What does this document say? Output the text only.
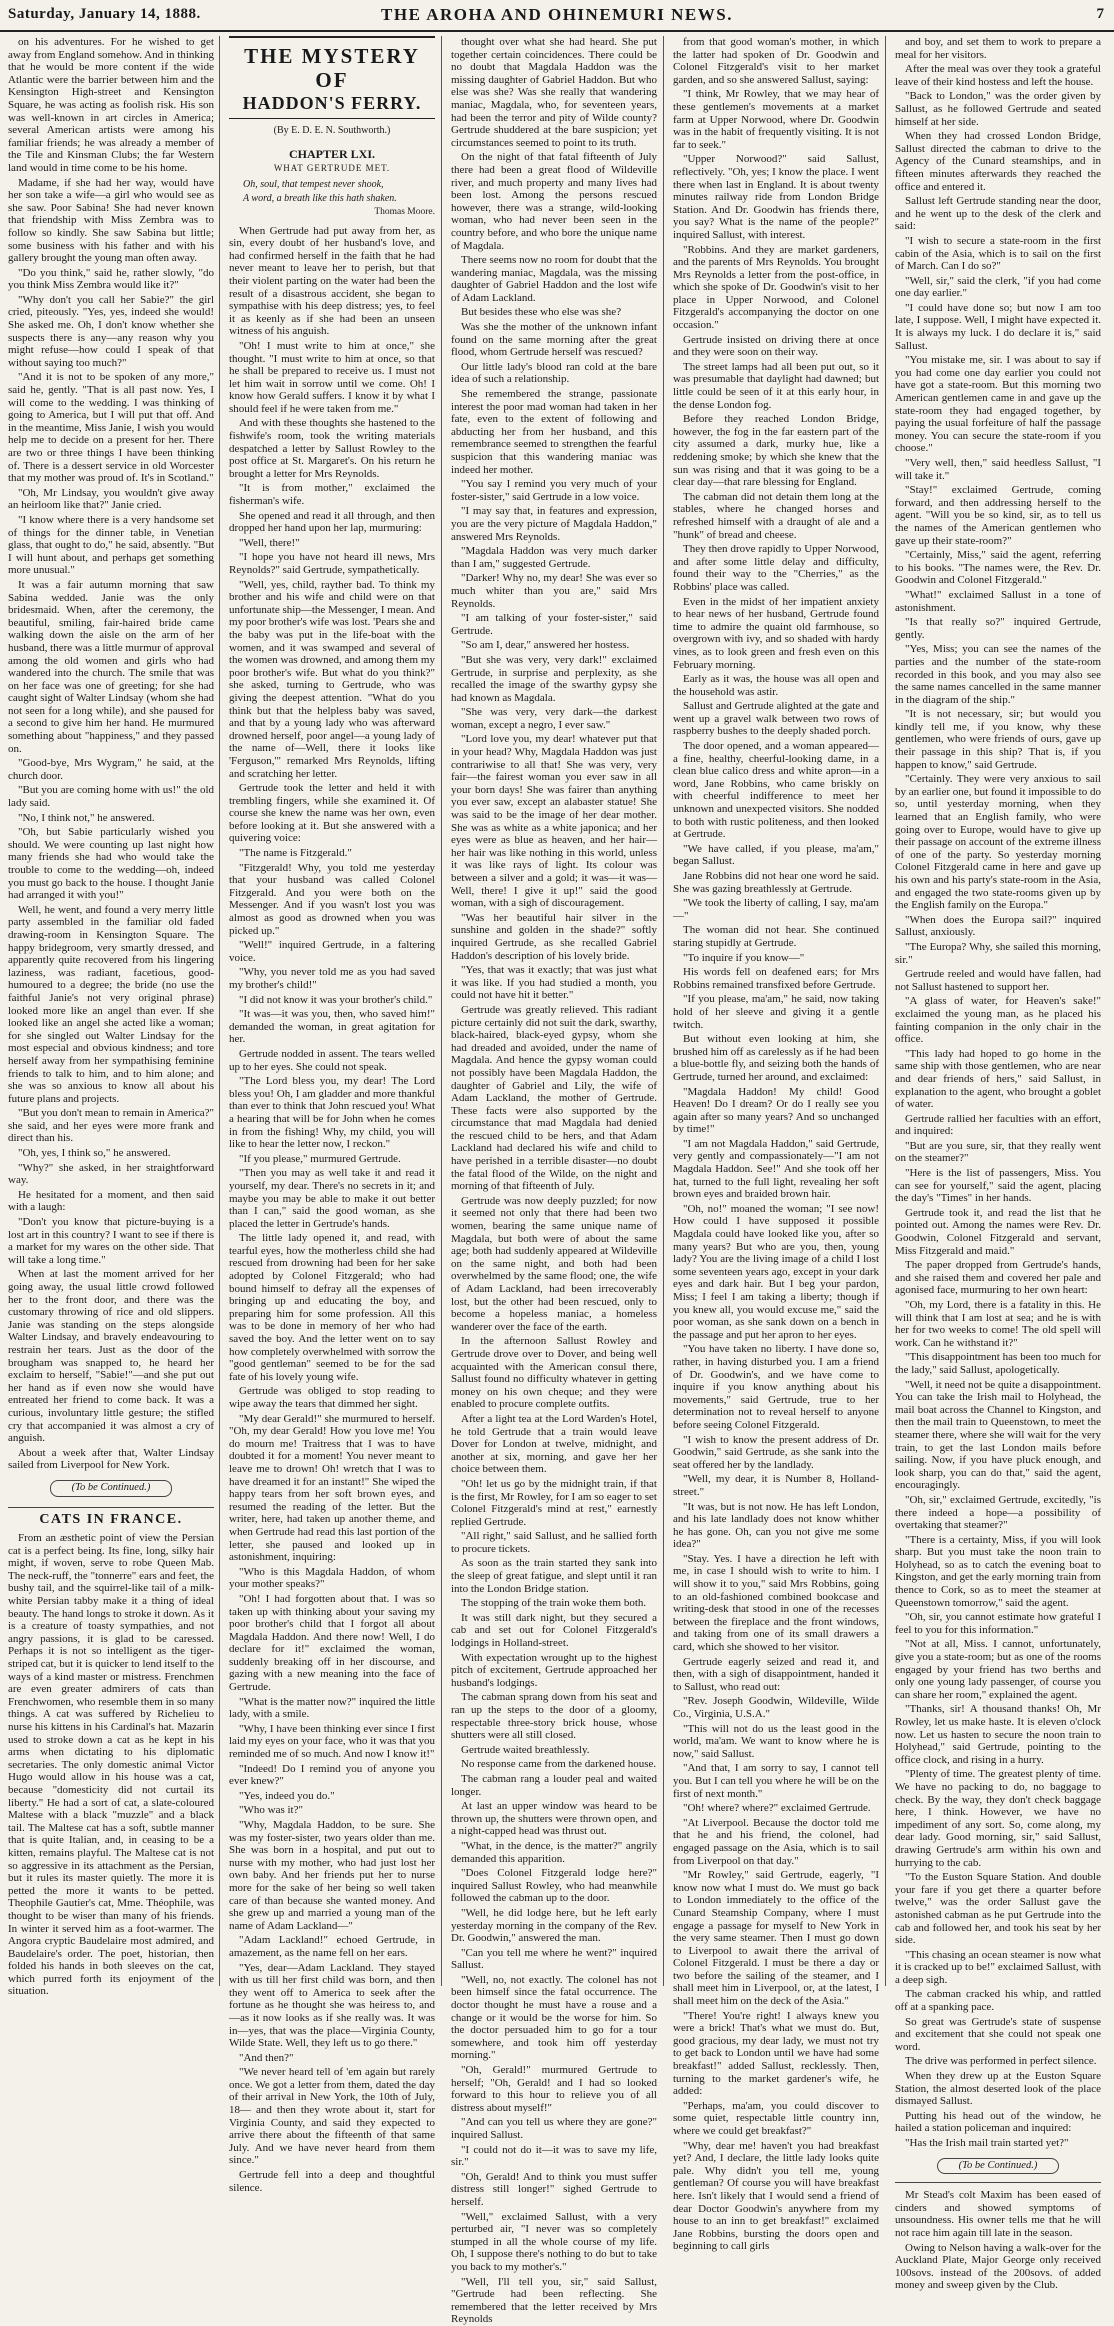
Saturday, January 14, 1888.	THE AROHA AND OHINEMURI NEWS.	7

on his adventures. For he wished to get away from England somehow. And in thinking that he would be more content if the wide Atlantic were the barrier between him and the Kensington High-street and Kensington Square, he was acting as foolish risk. His son was well-known in art circles in America; several American artists were among his familiar friends; he was already a member of the Tile and Kinsman Clubs; the far Western land would in time come to be his home.

Madame, if she had her way, would have her son take a wife—a girl who would see as she saw. Poor Sabina! She had never known that friendship with Miss Zembra was to follow so kindly. She saw Sabina but little; some business with his father and with his gallery brought the young man often away.

"Do you think," said he, rather slowly, "do you think Miss Zembra would like it?"

"Why don't you call her Sabie?" the girl cried, piteously. "Yes, yes, indeed she would! She asked me. Oh, I don't know whether she suspects there is any—any reason why you might refuse—how could I speak of that without saying too much?"

"And it is not to be spoken of any more," said he, gently. "That is all past now. Yes, I will come to the wedding. I was thinking of going to America, but I will put that off. And in the meantime, Miss Janie, I wish you would help me to decide on a present for her. There are two or three things I have been thinking of. There is a dessert service in old Worcester that my mother was proud of. It's in Scotland."

"Oh, Mr Lindsay, you wouldn't give away an heirloom like that?" Janie cried.

"I know where there is a very handsome set of things for the dinner table, in Venetian glass, that ought to do," he said, absently. "But I will hunt about, and perhaps get something more unusual."

It was a fair autumn morning that saw Sabina wedded. Janie was the only bridesmaid. When, after the ceremony, the beautiful, smiling, fair-haired bride came walking down the aisle on the arm of her husband, there was a little murmur of approval among the old women and girls who had wandered into the church. The smile that was on her face was one of greeting; for she had caught sight of Walter Lindsay (whom she had not seen for a long while), and she paused for a second to give him her hand. He murmured something about "happiness," and they passed on.

"Good-bye, Mrs Wygram," he said, at the church door.

"But you are coming home with us!" the old lady said.

"No, I think not," he answered.

"Oh, but Sabie particularly wished you should. We were counting up last night how many friends she had who would take the trouble to come to the wedding—oh, indeed you must go back to the house. I thought Janie had arranged it with you!"

Well, he went, and found a very merry little party assembled in the familiar old faded drawing-room in Kensington Square. The happy bridegroom, very smartly dressed, and apparently quite recovered from his lingering laziness, was radiant, facetious, good-humoured to a degree; the bride (no use the faithful Janie's not very original phrase) looked more like an angel than ever. If she looked like an angel she acted like a woman; for she singled out Walter Lindsay for the most especial and obvious kindness; and tore herself away from her sympathising feminine friends to talk to him, and to him alone; and she was so anxious to know all about his future plans and projects.

"But you don't mean to remain in America?" she said, and her eyes were more frank and direct than his.

"Oh, yes, I think so," he answered.

"Why?" she asked, in her straightforward way.

He hesitated for a moment, and then said with a laugh:

"Don't you know that picture-buying is a lost art in this country? I want to see if there is a market for my wares on the other side. That will take a long time."

When at last the moment arrived for her going away, the usual little crowd followed her to the front door, and there was the customary throwing of rice and old slippers. Janie was standing on the steps alongside Walter Lindsay, and bravely endeavouring to restrain her tears. Just as the door of the brougham was snapped to, he heard her exclaim to herself, "Sabie!"—and she put out her hand as if even now she would have entreated her friend to come back. It was a curious, involuntary little gesture; the stifled cry that accompanied it was almost a cry of anguish.

About a week after that, Walter Lindsay sailed from Liverpool for New York.

(To be Continued.)
CATS IN FRANCE.

From an æsthetic point of view the Persian cat is a perfect being. Its fine, long, silky hair might, if woven, serve to robe Queen Mab. The neck-ruff, the "tonnerre" ears and feet, the bushy tail, and the squirrel-like tail of a milk-white Persian tabby make it a thing of ideal beauty. The hand longs to stroke it down. As it is a creature of toasty sympathies, and not angry passions, it is glad to be caressed. Perhaps it is not so intelligent as the tiger-striped cat, but it is quicker to lend itself to the ways of a kind master or mistress. Frenchmen are even greater admirers of cats than Frenchwomen, who resemble them in so many things. A cat was suffered by Richelieu to nurse his kittens in his Cardinal's hat. Mazarin used to stroke down a cat as he kept in his arms when dictating to his diplomatic secretaries. The only domestic animal Victor Hugo would allow in his house was a cat, because "domesticity did not curtail its liberty." He had a sort of cat, a slate-coloured Maltese with a black "muzzle" and a black tail. The Maltese cat has a soft, subtle manner that is quite Italian, and, in ceasing to be a kitten, remains playful. The Maltese cat is not so aggressive in its attachment as the Persian, but it rules its master quietly. The more it is petted the more it wants to be petted. Theophile Gautier's cat, Mme. Théophile, was thought to be wiser than many of his friends. In winter it served him as a foot-warmer. The Angora cryptic Baudelaire most admired, and Baudelaire's order. The poet, historian, then folded his hands in both sleeves on the cat, which purred forth its enjoyment of the situation.

THE MYSTERY OF
HADDON'S FERRY.
(By E. D. E. N. Southworth.)
CHAPTER LXI.
WHAT GERTRUDE MET.
Oh, soul, that tempest never shook,
A word, a breath like this hath shaken.
Thomas Moore.

When Gertrude had put away from her, as sin, every doubt of her husband's love, and had confirmed herself in the faith that he had never meant to leave her to perish, but that their violent parting on the water had been the result of a disastrous accident, she began to sympathise with his deep distress; yes, to feel it as keenly as if she had been an unseen witness of his anguish.

"Oh! I must write to him at once," she thought. "I must write to him at once, so that he shall be prepared to receive us. I must not let him wait in sorrow until we come. Oh! I know how Gerald suffers. I know it by what I should feel if he were taken from me."

And with these thoughts she hastened to the fishwife's room, took the writing materials despatched a letter by Sallust Rowley to the post office at St. Margaret's. On his return he brought a letter for Mrs Reynolds.

"It is from mother," exclaimed the fisherman's wife.

She opened and read it all through, and then dropped her hand upon her lap, murmuring:

"Well, there!"

"I hope you have not heard ill news, Mrs Reynolds?" said Gertrude, sympathetically.

"Well, yes, child, rayther bad. To think my brother and his wife and child were on that unfortunate ship—the Messenger, I mean. And my poor brother's wife was lost. 'Pears she and the baby was put in the life-boat with the women, and it was swamped and several of the women was drowned, and among them my poor brother's wife. But what do you think?" she asked, turning to Gertrude, who was giving the deepest attention. "What do you think but that the helpless baby was saved, and that by a young lady who was afterward drowned herself, poor angel—a young lady of the name of—Well, there it looks like 'Ferguson,'" remarked Mrs Reynolds, lifting and scratching her letter.

Gertrude took the letter and held it with trembling fingers, while she examined it. Of course she knew the name was her own, even before looking at it. But she answered with a quivering voice:

"The name is Fitzgerald."

"Fitzgerald! Why, you told me yesterday that your husband was called Colonel Fitzgerald. And you were both on the Messenger. And if you wasn't lost you was almost as good as drowned when you was picked up."

"Well!" inquired Gertrude, in a faltering voice.

"Why, you never told me as you had saved my brother's child!"

"I did not know it was your brother's child."

"It was—it was you, then, who saved him!" demanded the woman, in great agitation for her.

Gertrude nodded in assent. The tears welled up to her eyes. She could not speak.

"The Lord bless you, my dear! The Lord bless you! Oh, I am gladder and more thankful than ever to think that John rescued you! What a hearing that will be for John when he comes in from the fishing! Why, my child, you will like to hear the letter now, I reckon."

"If you please," murmured Gertrude.

"Then you may as well take it and read it yourself, my dear. There's no secrets in it; and maybe you may be able to make it out better than I can," said the good woman, as she placed the letter in Gertrude's hands.

The little lady opened it, and read, with tearful eyes, how the motherless child she had rescued from drowning had been for her sake adopted by Colonel Fitzgerald; who had bound himself to defray all the expenses of bringing up and educating the boy, and preparing him for some profession. All this was to be done in memory of her who had saved the boy. And the letter went on to say how completely overwhelmed with sorrow the "good gentleman" seemed to be for the sad fate of his lovely young wife.

Gertrude was obliged to stop reading to wipe away the tears that dimmed her sight.

"My dear Gerald!" she murmured to herself. "Oh, my dear Gerald! How you love me! You do mourn me! Traitress that I was to have doubted it for a moment! You never meant to leave me to drown! Oh! wretch that I was to have dreamed it for an instant!" She wiped the happy tears from her soft brown eyes, and resumed the reading of the letter. But the writer, here, had taken up another theme, and when Gertrude had read this last portion of the letter, she paused and looked up in astonishment, inquiring:

"Who is this Magdala Haddon, of whom your mother speaks?"

"Oh! I had forgotten about that. I was so taken up with thinking about your saving my poor brother's child that I forgot all about Magdala Haddon. And there now! Well, I do declare for it!" exclaimed the woman, suddenly breaking off in her discourse, and gazing with a new meaning into the face of Gertrude.

"What is the matter now?" inquired the little lady, with a smile.

"Why, I have been thinking ever since I first laid my eyes on your face, who it was that you reminded me of so much. And now I know it!"

"Indeed! Do I remind you of anyone you ever knew?"

"Yes, indeed you do."

"Who was it?"

"Why, Magdala Haddon, to be sure. She was my foster-sister, two years older than me. She was born in a hospital, and put out to nurse with my mother, who had just lost her own baby. And her friends put her to nurse more for the sake of her being so well taken care of than because she wanted money. And she grew up and married a young man of the name of Adam Lackland—"

"Adam Lackland!" echoed Gertrude, in amazement, as the name fell on her ears.

"Yes, dear—Adam Lackland. They stayed with us till her first child was born, and then they went off to America to seek after the fortune as he thought she was heiress to, and—as it now looks as if she really was. It was in—yes, that was the place—Virginia County, Wilde State. Well, they left us to go there."

"And then?"

"We never heard tell of 'em again but rarely once. We got a letter from them, dated the day of their arrival in New York, the 10th of July, 18— and then they wrote about it, start for Virginia County, and said they expected to arrive there about the fifteenth of that same July. And we have never heard from them since."

Gertrude fell into a deep and thoughtful silence.

thought over what she had heard. She put together certain coincidences. There could be no doubt that Magdala Haddon was the missing daughter of Gabriel Haddon. But who else was she? Was she really that wandering maniac, Magdala, who, for seventeen years, had been the terror and pity of Wilde county? Gertrude shuddered at the bare suspicion; yet circumstances seemed to point to its truth.

On the night of that fatal fifteenth of July there had been a great flood of Wildeville river, and much property and many lives had been lost. Among the persons rescued however, there was a strange, wild-looking woman, who had never been seen in the country before, and who bore the unique name of Magdala.

There seems now no room for doubt that the wandering maniac, Magdala, was the missing daughter of Gabriel Haddon and the lost wife of Adam Lackland.

But besides these who else was she?

Was she the mother of the unknown infant found on the same morning after the great flood, whom Gertrude herself was rescued?

Our little lady's blood ran cold at the bare idea of such a relationship.

She remembered the strange, passionate interest the poor mad woman had taken in her fate, even to the extent of following and abducting her from her husband, and this remembrance seemed to strengthen the fearful suspicion that this wandering maniac was indeed her mother.

"You say I remind you very much of your foster-sister," said Gertrude in a low voice.

"I may say that, in features and expression, you are the very picture of Magdala Haddon," answered Mrs Reynolds.

"Magdala Haddon was very much darker than I am," suggested Gertrude.

"Darker! Why no, my dear! She was ever so much whiter than you are," said Mrs Reynolds.

"I am talking of your foster-sister," said Gertrude.

"So am I, dear," answered her hostess.

"But she was very, very dark!" exclaimed Gertrude, in surprise and perplexity, as she recalled the image of the swarthy gypsy she had known as Magdala.

"She was very, very dark—the darkest woman, except a negro, I ever saw."

"Lord love you, my dear! whatever put that in your head? Why, Magdala Haddon was just contrariwise to all that! She was very, very fair—the fairest woman you ever saw in all your born days! She was fairer than anything you ever saw, except an alabaster statue! She was said to be the image of her dear mother. She was as white as a white japonica; and her eyes were as blue as heaven, and her hair—her hair was like nothing in this world, unless it was like rays of light. Its colour was between a silver and a gold; it was—it was—Well, there! I give it up!" said the good woman, with a sigh of discouragement.

"Was her beautiful hair silver in the sunshine and golden in the shade?" softly inquired Gertrude, as she recalled Gabriel Haddon's description of his lovely bride.

"Yes, that was it exactly; that was just what it was like. If you had studied a month, you could not have hit it better."

Gertrude was greatly relieved. This radiant picture certainly did not suit the dark, swarthy, black-haired, black-eyed gypsy, whom she had dreaded and avoided, under the name of Magdala. And hence the gypsy woman could not possibly have been Magdala Haddon, the daughter of Gabriel and Lily, the wife of Adam Lackland, the mother of Gertrude. These facts were also supported by the circumstance that mad Magdala had denied the rescued child to be hers, and that Adam Lackland had declared his wife and child to have perished in a terrible disaster—no doubt the fatal flood of the Wilde, on the night and morning of that fifteenth of July.

Gertrude was now deeply puzzled; for now it seemed not only that there had been two women, bearing the same unique name of Magdala, but both were of about the same age; both had suddenly appeared at Wildeville on the same night, and both had been overwhelmed by the same flood; one, the wife of Adam Lackland, had been irrecoverably lost, but the other had been rescued, only to become a hopeless maniac, a homeless wanderer over the face of the earth.

In the afternoon Sallust Rowley and Gertrude drove over to Dover, and being well acquainted with the American consul there, Sallust found no difficulty whatever in getting money on his own cheque; and they were enabled to procure complete outfits.

After a light tea at the Lord Warden's Hotel, he told Gertrude that a train would leave Dover for London at twelve, midnight, and another at six, morning, and gave her her choice between them.

"Oh! let us go by the midnight train, if that is the first, Mr Rowley, for I am so eager to set Colonel Fitzgerald's mind at rest," earnestly replied Gertrude.

"All right," said Sallust, and he sallied forth to procure tickets.

As soon as the train started they sank into the sleep of great fatigue, and slept until it ran into the London Bridge station.

The stopping of the train woke them both.

It was still dark night, but they secured a cab and set out for Colonel Fitzgerald's lodgings in Holland-street.

With expectation wrought up to the highest pitch of excitement, Gertrude approached her husband's lodgings.

The cabman sprang down from his seat and ran up the steps to the door of a gloomy, respectable three-story brick house, whose shutters were all still closed.

Gertrude waited breathlessly.

No response came from the darkened house.

The cabman rang a louder peal and waited longer.

At last an upper window was heard to be thrown up, the shutters were thrown open, and a night-capped head was thrust out.

"What, in the dence, is the matter?" angrily demanded this apparition.

"Does Colonel Fitzgerald lodge here?" inquired Sallust Rowley, who had meanwhile followed the cabman up to the door.

"Well, he did lodge here, but he left early yesterday morning in the company of the Rev. Dr. Goodwin," answered the man.

"Can you tell me where he went?" inquired Sallust.

"Well, no, not exactly. The colonel has not been himself since the fatal occurrence. The doctor thought he must have a rouse and a change or it would be the worse for him. So the doctor persuaded him to go for a tour somewhere, and took him off yesterday morning."

"Oh, Gerald!" murmured Gertrude to herself; "Oh, Gerald! and I had so looked forward to this hour to relieve you of all distress about myself!"

"And can you tell us where they are gone?" inquired Sallust.

"I could not do it—it was to save my life, sir."

"Oh, Gerald! And to think you must suffer distress still longer!" sighed Gertrude to herself.

"Well," exclaimed Sallust, with a very perturbed air, "I never was so completely stumped in all the whole course of my life. Oh, I suppose there's nothing to do but to take you back to my mother's."

"Well, I'll tell you, sir," said Sallust, "Gertrude had been reflecting. She remembered that the letter received by Mrs Reynolds

from that good woman's mother, in which the latter had spoken of Dr. Goodwin and Colonel Fitzgerald's visit to her market garden, and so she answered Sallust, saying:

"I think, Mr Rowley, that we may hear of these gentlemen's movements at a market farm at Upper Norwood, where Dr. Goodwin was in the habit of frequently visiting. It is not far to seek."

"Upper Norwood?" said Sallust, reflectively. "Oh, yes; I know the place. I went there when last in England. It is about twenty minutes railway ride from London Bridge Station. And Dr. Goodwin has friends there, you say? What is the name of the people?" inquired Sallust, with interest.

"Robbins. And they are market gardeners, and the parents of Mrs Reynolds. You brought Mrs Reynolds a letter from the post-office, in which she spoke of Dr. Goodwin's visit to her place in Upper Norwood, and Colonel Fitzgerald's accompanying the doctor on one occasion."

Gertrude insisted on driving there at once and they were soon on their way.

The street lamps had all been put out, so it was presumable that daylight had dawned; but little could be seen of it at this early hour, in the dense London fog.

Before they reached London Bridge, however, the fog in the far eastern part of the city assumed a dark, murky hue, like a reddening smoke; by which she knew that the sun was rising and that it was going to be a clear day—that rare blessing for England.

The cabman did not detain them long at the stables, where he changed horses and refreshed himself with a draught of ale and a "hunk" of bread and cheese.

They then drove rapidly to Upper Norwood, and after some little delay and difficulty, found their way to the "Cherries," as the Robbins' place was called.

Even in the midst of her impatient anxiety to hear news of her husband, Gertrude found time to admire the quaint old farmhouse, so overgrown with ivy, and so shaded with hardy vines, as to look green and fresh even on this February morning.

Early as it was, the house was all open and the household was astir.

Sallust and Gertrude alighted at the gate and went up a gravel walk between two rows of raspberry bushes to the deeply shaded porch.

The door opened, and a woman appeared—a fine, healthy, cheerful-looking dame, in a clean blue calico dress and white apron—in a word, Jane Robbins, who came briskly on with cheerful indifference to meet her unknown and unexpected visitors. She nodded to both with rustic politeness, and then looked at Gertrude.

"We have called, if you please, ma'am," began Sallust.

Jane Robbins did not hear one word he said. She was gazing breathlessly at Gertrude.

"We took the liberty of calling, I say, ma'am—"

The woman did not hear. She continued staring stupidly at Gertrude.

"To inquire if you know—"

His words fell on deafened ears; for Mrs Robbins remained transfixed before Gertrude.

"If you please, ma'am," he said, now taking hold of her sleeve and giving it a gentle twitch.

But without even looking at him, she brushed him off as carelessly as if he had been a blue-bottle fly, and seizing both the hands of Gertrude, turned her around, and exclaimed:

"Magdala Haddon! My child! Good Heaven! Do I dream? Or do I really see you again after so many years? And so unchanged by time!"

"I am not Magdala Haddon," said Gertrude, very gently and compassionately—"I am not Magdala Haddon. See!" And she took off her hat, turned to the full light, revealing her soft brown eyes and braided brown hair.

"Oh, no!" moaned the woman; "I see now! How could I have supposed it possible Magdala could have looked like you, after so many years? But who are you, then, young lady? You are the living image of a child I lost some seventeen years ago, except in your dark eyes and dark hair. But I beg your pardon, Miss; I feel I am taking a liberty; though if you knew all, you would excuse me," said the poor woman, as she sank down on a bench in the passage and put her apron to her eyes.

"You have taken no liberty. I have done so, rather, in having disturbed you. I am a friend of Dr. Goodwin's, and we have come to inquire if you know anything about his movements," said Gertrude, true to her determination not to reveal herself to anyone before seeing Colonel Fitzgerald.

"I wish to know the present address of Dr. Goodwin," said Gertrude, as she sank into the seat offered her by the landlady.

"Well, my dear, it is Number 8, Holland-street."

"It was, but is not now. He has left London, and his late landlady does not know whither he has gone. Oh, can you not give me some idea?"

"Stay. Yes. I have a direction he left with me, in case I should wish to write to him. I will show it to you," said Mrs Robbins, going to an old-fashioned combined bookcase and writing-desk that stood in one of the recesses between the fireplace and the front windows, and taking from one of its small drawers a card, which she showed to her visitor.

Gertrude eagerly seized and read it, and then, with a sigh of disappointment, handed it to Sallust, who read out:

"Rev. Joseph Goodwin, Wildeville, Wilde Co., Virginia, U.S.A."

"This will not do us the least good in the world, ma'am. We want to know where he is now," said Sallust.

"And that, I am sorry to say, I cannot tell you. But I can tell you where he will be on the first of next month."

"Oh! where? where?" exclaimed Gertrude.

"At Liverpool. Because the doctor told me that he and his friend, the colonel, had engaged passage on the Asia, which is to sail from Liverpool on that day."

"Mr Rowley," said Gertrude, eagerly, "I know now what I must do. We must go back to London immediately to the office of the Cunard Steamship Company, where I must engage a passage for myself to New York in the very same steamer. Then I must go down to Liverpool to await there the arrival of Colonel Fitzgerald. I must be there a day or two before the sailing of the steamer, and I shall meet him in Liverpool, or, at the latest, I shall meet him on the deck of the Asia."

"There! You're right! I always knew you were a brick! That's what we must do. But, good gracious, my dear lady, we must not try to get back to London until we have had some breakfast!" added Sallust, recklessly. Then, turning to the market gardener's wife, he added:

"Perhaps, ma'am, you could discover to some quiet, respectable little country inn, where we could get breakfast?"

"Why, dear me! haven't you had breakfast yet? And, I declare, the little lady looks quite pale. Why didn't you tell me, young gentleman? Of course you will have breakfast here. Isn't likely that I would send a friend of dear Doctor Goodwin's anywhere from my house to an inn to get breakfast!" exclaimed Jane Robbins, bursting the doors open and beginning to call girls

and boy, and set them to work to prepare a meal for her visitors.

After the meal was over they took a grateful leave of their kind hostess and left the house.

"Back to London," was the order given by Sallust, as he followed Gertrude and seated himself at her side.

When they had crossed London Bridge, Sallust directed the cabman to drive to the Agency of the Cunard steamships, and in fifteen minutes afterwards they reached the office and entered it.

Sallust left Gertrude standing near the door, and he went up to the desk of the clerk and said:

"I wish to secure a state-room in the first cabin of the Asia, which is to sail on the first of March. Can I do so?"

"Well, sir," said the clerk, "if you had come one day earlier."

"I could have done so; but now I am too late, I suppose. Well, I might have expected it. It is always my luck. I do declare it is," said Sallust.

"You mistake me, sir. I was about to say if you had come one day earlier you could not have got a state-room. But this morning two American gentlemen came in and gave up the state-room they had engaged together, by paying the usual forfeiture of half the passage money. You can secure the state-room if you choose."

"Very well, then," said heedless Sallust, "I will take it."

"Stay!" exclaimed Gertrude, coming forward, and then addressing herself to the agent. "Will you be so kind, sir, as to tell us the names of the American gentlemen who gave up their state-room?"

"Certainly, Miss," said the agent, referring to his books. "The names were, the Rev. Dr. Goodwin and Colonel Fitzgerald."

"What!" exclaimed Sallust in a tone of astonishment.

"Is that really so?" inquired Gertrude, gently.

"Yes, Miss; you can see the names of the parties and the number of the state-room recorded in this book, and you may also see the same names cancelled in the same manner in the diagram of the ship."

"It is not necessary, sir; but would you kindly tell me, if you know, why these gentlemen, who were friends of ours, gave up their passage in this ship? That is, if you happen to know," said Gertrude.

"Certainly. They were very anxious to sail by an earlier one, but found it impossible to do so, until yesterday morning, when they learned that an English family, who were going over to Europe, would have to give up their passage on account of the extreme illness of one of the party. So yesterday morning Colonel Fitzgerald came in here and gave up his own and his party's state-room in the Asia, and engaged the two state-rooms given up by the English family on the Europa."

"When does the Europa sail?" inquired Sallust, anxiously.

"The Europa? Why, she sailed this morning, sir."

Gertrude reeled and would have fallen, had not Sallust hastened to support her.

"A glass of water, for Heaven's sake!" exclaimed the young man, as he placed his fainting companion in the only chair in the office.

"This lady had hoped to go home in the same ship with those gentlemen, who are near and dear friends of hers," said Sallust, in explanation to the agent, who brought a goblet of water.

Gertrude rallied her faculties with an effort, and inquired:

"But are you sure, sir, that they really went on the steamer?"

"Here is the list of passengers, Miss. You can see for yourself," said the agent, placing the day's "Times" in her hands.

Gertrude took it, and read the list that he pointed out. Among the names were Rev. Dr. Goodwin, Colonel Fitzgerald and servant, Miss Fitzgerald and maid."

The paper dropped from Gertrude's hands, and she raised them and covered her pale and agonised face, murmuring to her own heart:

"Oh, my Lord, there is a fatality in this. He will think that I am lost at sea; and he is with her for two weeks to come! The old spell will work. Can he withstand it?"

"This disappointment has been too much for the lady," said Sallust, apologetically.

"Well, it need not be quite a disappointment. You can take the Irish mail to Holyhead, the mail boat across the Channel to Kingston, and then the mail train to Queenstown, to meet the steamer there, where she will wait for the very train, to get the last London mails before sailing. Now, if you have pluck enough, and look sharp, you can do that," said the agent, encouragingly.

"Oh, sir," exclaimed Gertrude, excitedly, "is there indeed a hope—a possibility of overtaking that steamer?"

"There is a certainty, Miss, if you will look sharp. But you must take the noon train to Holyhead, so as to catch the evening boat to Kingston, and get the early morning train from thence to Cork, so as to meet the steamer at Queenstown tomorrow," said the agent.

"Oh, sir, you cannot estimate how grateful I feel to you for this information."

"Not at all, Miss. I cannot, unfortunately, give you a state-room; but as one of the rooms engaged by your friend has two berths and only one young lady passenger, of course you can share her room," explained the agent.

"Thanks, sir! A thousand thanks! Oh, Mr Rowley, let us make haste. It is eleven o'clock now. Let us hasten to secure the noon train to Holyhead," said Gertrude, pointing to the office clock, and rising in a hurry.

"Plenty of time. The greatest plenty of time. We have no packing to do, no baggage to check. By the way, they don't check baggage here, I think. However, we have no impediment of any sort. So, come along, my dear lady. Good morning, sir," said Sallust, drawing Gertrude's arm within his own and hurrying to the cab.

"To the Euston Square Station. And double your fare if you get there a quarter before twelve," was the order Sallust gave the astonished cabman as he put Gertrude into the cab and followed her, and took his seat by her side.

"This chasing an ocean steamer is now what it is cracked up to be!" exclaimed Sallust, with a deep sigh.

The cabman cracked his whip, and rattled off at a spanking pace.

So great was Gertrude's state of suspense and excitement that she could not speak one word.

The drive was performed in perfect silence.

When they drew up at the Euston Square Station, the almost deserted look of the place dismayed Sallust.

Putting his head out of the window, he hailed a station policeman and inquired:

"Has the Irish mail train started yet?"

(To be Continued.)

Mr Stead's colt Maxim has been eased of cinders and showed symptoms of unsoundness. His owner tells me that he will not race him again till late in the season.

Owing to Nelson having a walk-over for the Auckland Plate, Major George only received 100sovs. instead of the 200sovs. of added money and sweep given by the Club.
